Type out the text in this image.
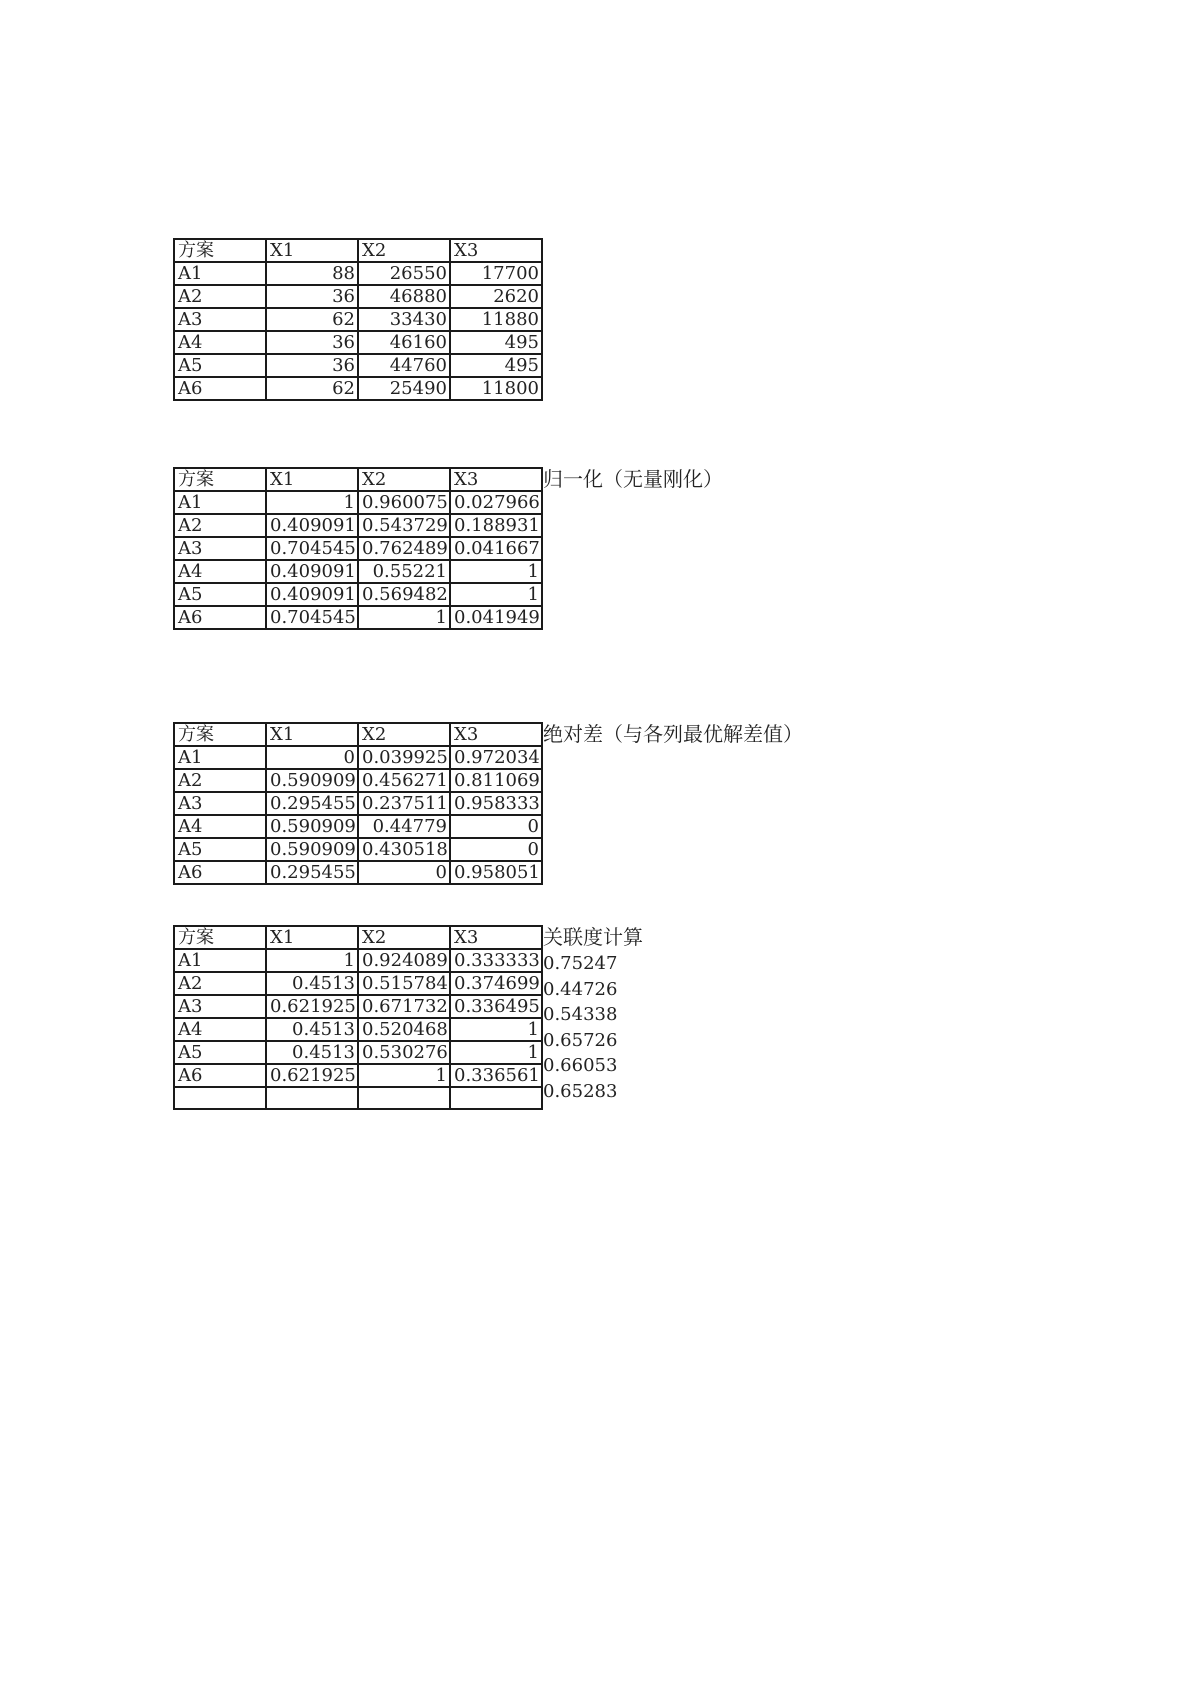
方案	X1	X2	X3
A1	88	26550	17700
A2	36	46880	2620
A3	62	33430	11880
A4	36	46160	495
A5	36	44760	495
A6	62	25490	11800
方案	X1	X2	X3
A1	1	0.960075	0.027966
A2	0.409091	0.543729	0.188931
A3	0.704545	0.762489	0.041667
A4	0.409091	0.55221	1
A5	0.409091	0.569482	1
A6	0.704545	1	0.041949
归一化（无量刚化）
方案	X1	X2	X3
A1	0	0.039925	0.972034
A2	0.590909	0.456271	0.811069
A3	0.295455	0.237511	0.958333
A4	0.590909	0.44779	0
A5	0.590909	0.430518	0
A6	0.295455	0	0.958051
绝对差（与各列最优解差值）
方案	X1	X2	X3
A1	1	0.924089	0.333333
A2	0.4513	0.515784	0.374699
A3	0.621925	0.671732	0.336495
A4	0.4513	0.520468	1
A5	0.4513	0.530276	1
A6	0.621925	1	0.336561

关联度计算
0.75247
0.44726
0.54338
0.65726
0.66053
0.65283
